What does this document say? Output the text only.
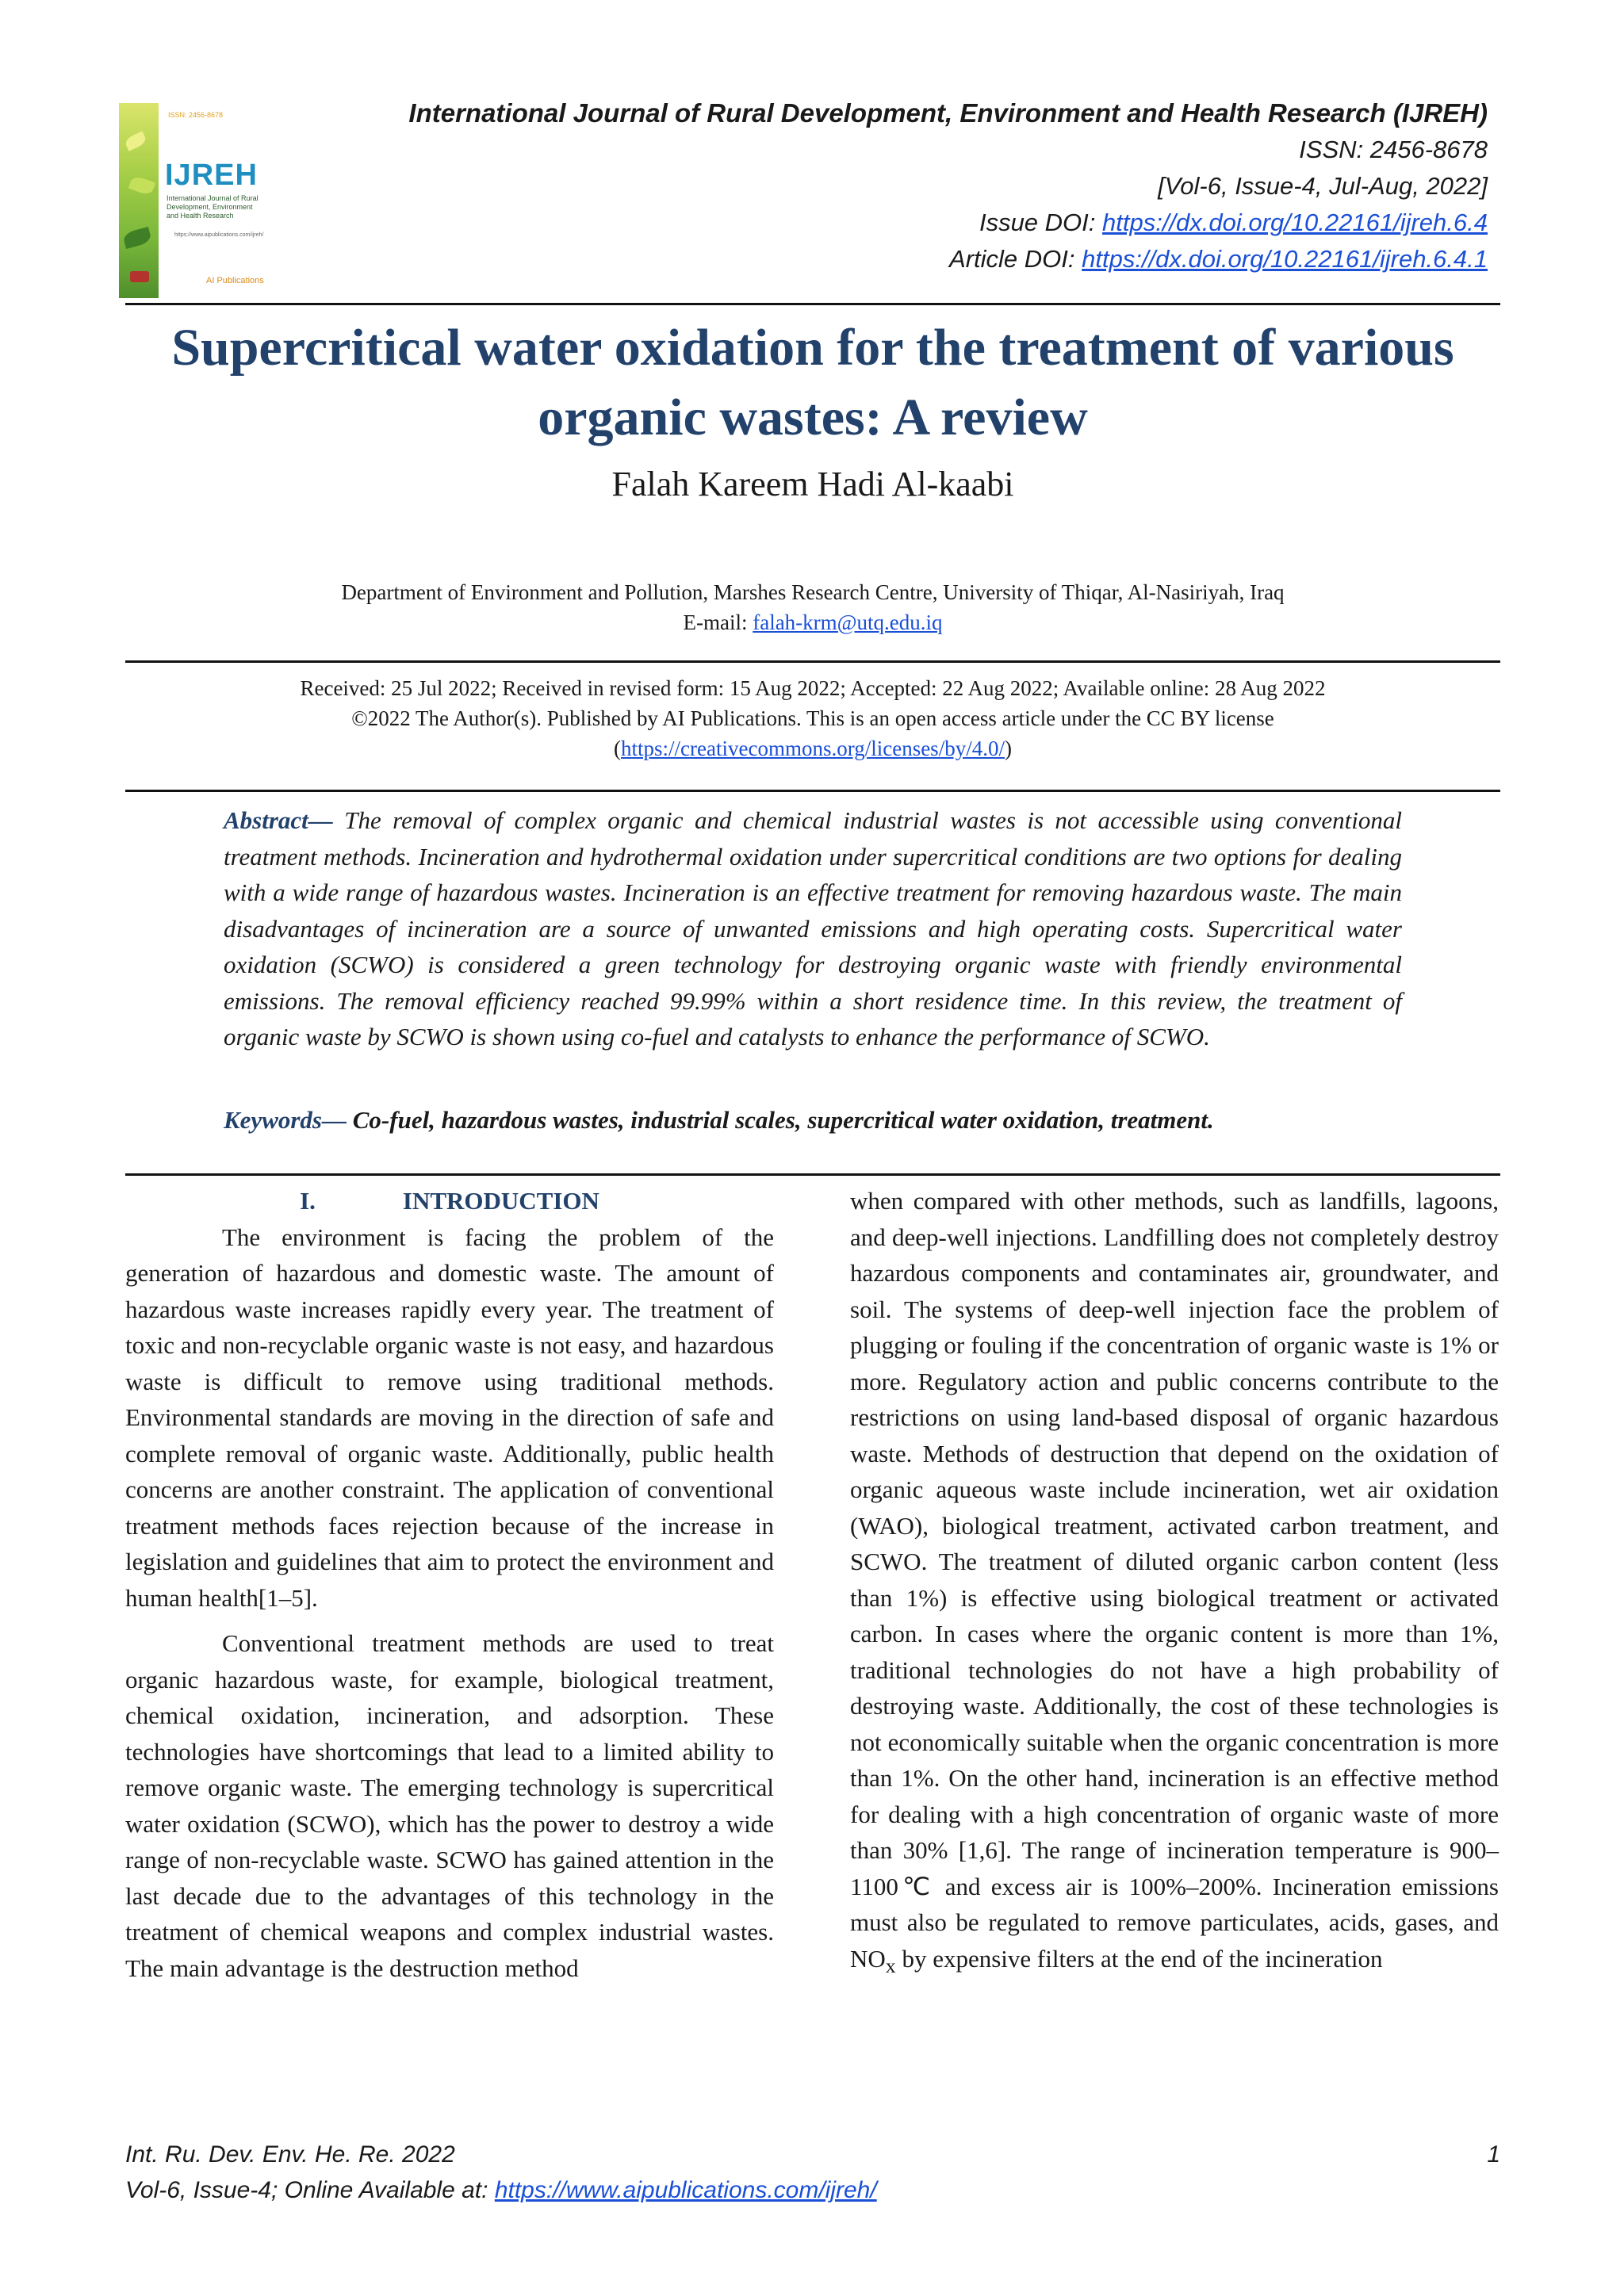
ISSN: 2456-8678
IJREH
International Journal of Rural Development, Environment and Health Research
https://www.aipublications.com/ijreh/
AI Publications
International Journal of Rural Development, Environment and Health Research (IJREH)
ISSN: 2456-8678
[Vol-6, Issue-4, Jul-Aug, 2022]
Issue DOI: https://dx.doi.org/10.22161/ijreh.6.4
Article DOI: https://dx.doi.org/10.22161/ijreh.6.4.1
Supercritical water oxidation for the treatment of various organic wastes: A review
Falah Kareem Hadi Al-kaabi
Department of Environment and Pollution, Marshes Research Centre, University of Thiqar, Al-Nasiriyah, Iraq
E-mail: falah-krm@utq.edu.iq
Received: 25 Jul 2022; Received in revised form: 15 Aug 2022; Accepted: 22 Aug 2022; Available online: 28 Aug 2022
©2022 The Author(s). Published by AI Publications. This is an open access article under the CC BY license
(https://creativecommons.org/licenses/by/4.0/)
Abstract— The removal of complex organic and chemical industrial wastes is not accessible using conventional treatment methods. Incineration and hydrothermal oxidation under supercritical conditions are two options for dealing with a wide range of hazardous wastes. Incineration is an effective treatment for removing hazardous waste. The main disadvantages of incineration are a source of unwanted emissions and high operating costs. Supercritical water oxidation (SCWO) is considered a green technology for destroying organic waste with friendly environmental emissions. The removal efficiency reached 99.99% within a short residence time. In this review, the treatment of organic waste by SCWO is shown using co-fuel and catalysts to enhance the performance of SCWO.
Keywords— Co-fuel, hazardous wastes, industrial scales, supercritical water oxidation, treatment.

I.	INTRODUCTION

The environment is facing the problem of the generation of hazardous and domestic waste. The amount of hazardous waste increases rapidly every year. The treatment of toxic and non-recyclable organic waste is not easy, and hazardous waste is difficult to remove using traditional methods. Environmental standards are moving in the direction of safe and complete removal of organic waste. Additionally, public health concerns are another constraint. The application of conventional treatment methods faces rejection because of the increase in legislation and guidelines that aim to protect the environment and human health[1–5].

Conventional treatment methods are used to treat organic hazardous waste, for example, biological treatment, chemical oxidation, incineration, and adsorption. These technologies have shortcomings that lead to a limited ability to remove organic waste. The emerging technology is supercritical water oxidation (SCWO), which has the power to destroy a wide range of non-recyclable waste. SCWO has gained attention in the last decade due to the advantages of this technology in the treatment of chemical weapons and complex industrial wastes. The main advantage is the destruction method

when compared with other methods, such as landfills, lagoons, and deep-well injections. Landfilling does not completely destroy hazardous components and contaminates air, groundwater, and soil. The systems of deep-well injection face the problem of plugging or fouling if the concentration of organic waste is 1% or more. Regulatory action and public concerns contribute to the restrictions on using land-based disposal of organic hazardous waste. Methods of destruction that depend on the oxidation of organic aqueous waste include incineration, wet air oxidation (WAO), biological treatment, activated carbon treatment, and SCWO. The treatment of diluted organic carbon content (less than 1%) is effective using biological treatment or activated carbon. In cases where the organic content is more than 1%, traditional technologies do not have a high probability of destroying waste. Additionally, the cost of these technologies is not economically suitable when the organic concentration is more than 1%. On the other hand, incineration is an effective method for dealing with a high concentration of organic waste of more than 30% [1,6]. The range of incineration temperature is 900–1100℃ and excess air is 100%–200%. Incineration emissions must also be regulated to remove particulates, acids, gases, and $NO_x$ by expensive filters at the end of the incineration

Int. Ru. Dev. Env. He. Re. 2022	1
Vol-6, Issue-4; Online Available at: https://www.aipublications.com/ijreh/
